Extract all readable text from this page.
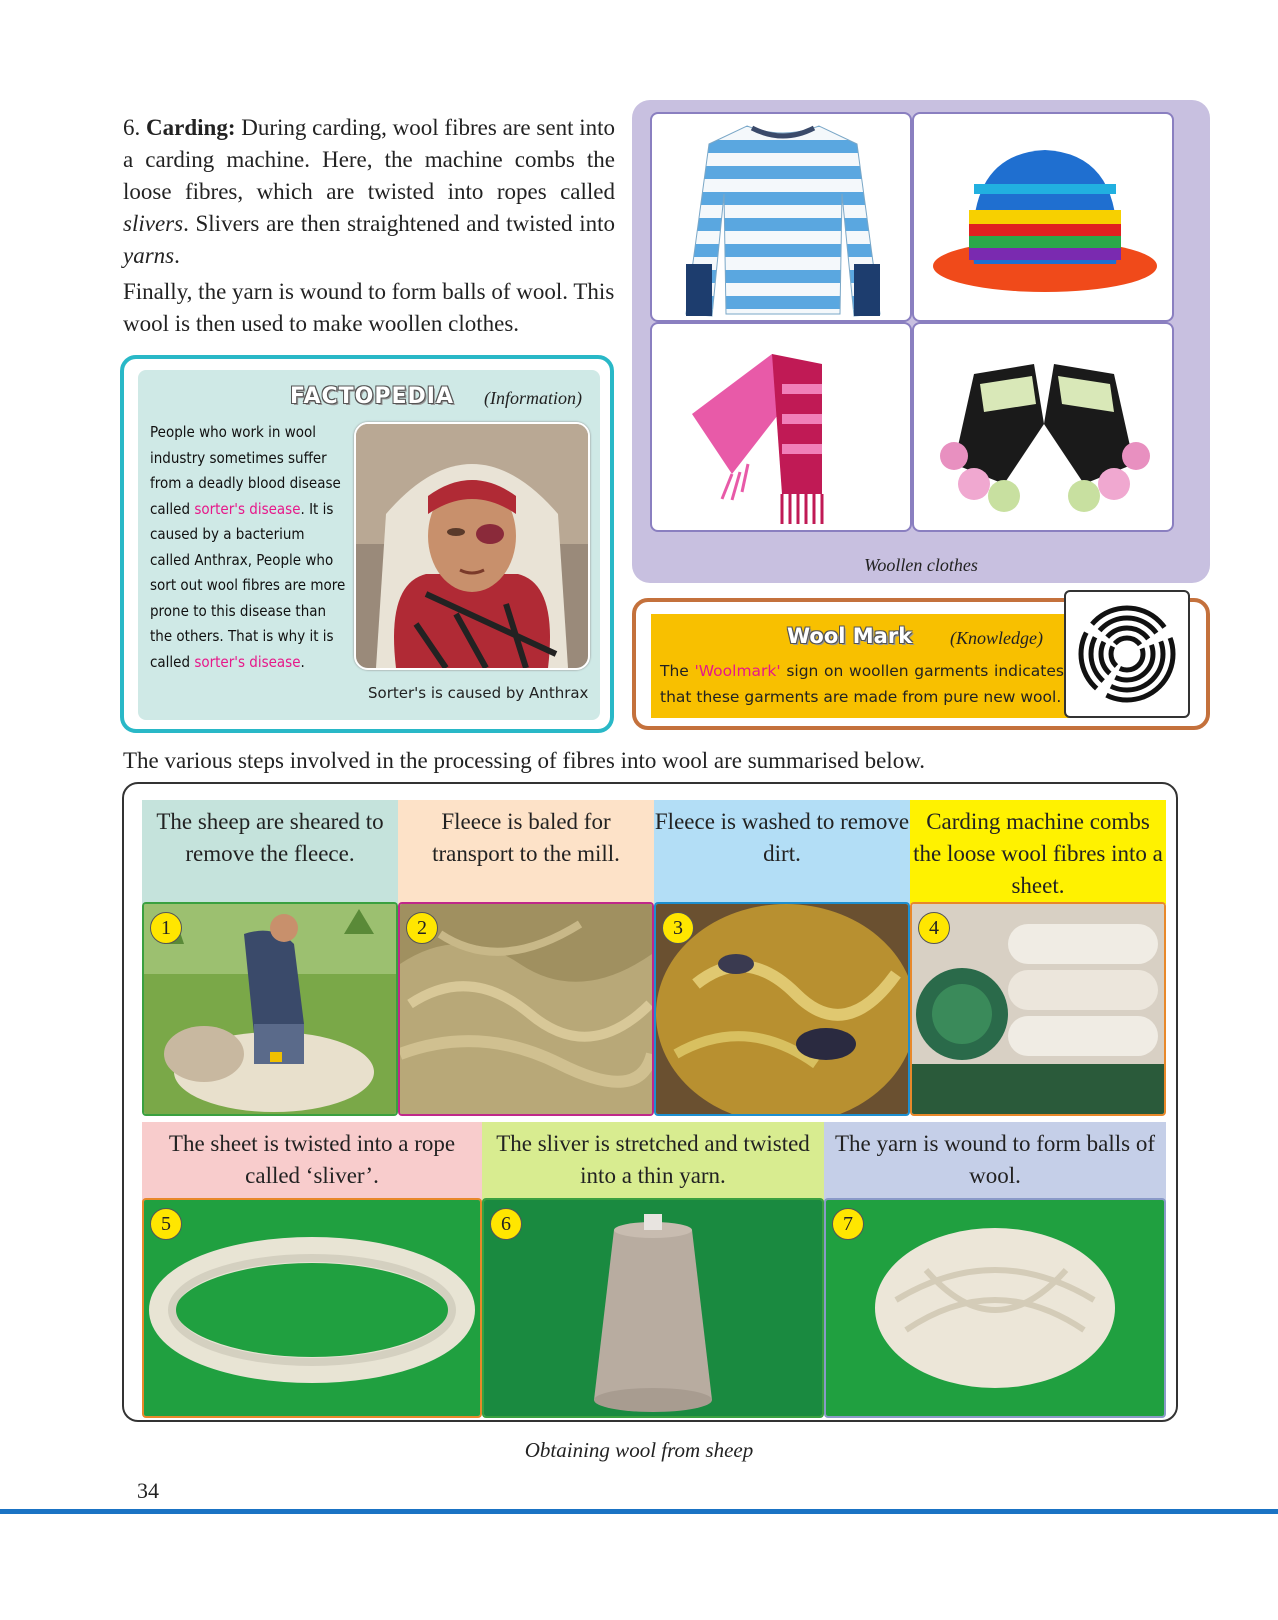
6. Carding: During carding, wool fibres are sent into a carding machine. Here, the machine combs the loose fibres, which are twisted into ropes called slivers. Slivers are then straightened and twisted into yarns.

Finally, the yarn is wound to form balls of wool. This wool is then used to make woollen clothes.

FACTOPEDIA (Information)
People who work in wool industry sometimes suffer from a deadly blood disease called sorter's disease. It is caused by a bacterium called Anthrax, People who sort out wool fibres are more prone to this disease than the others. That is why it is called sorter's disease.
Sorter's is caused by Anthrax
Woollen clothes
Wool Mark (Knowledge)
The 'Woolmark' sign on woollen garments indicates that these garments are made from pure new wool.
The various steps involved in the processing of fibres into wool are summarised below.
The sheep are sheared to remove the fleece.
Fleece is baled for transport to the mill.
Fleece is washed to remove dirt.
Carding machine combs the loose wool fibres into a sheet.
1	2	3	4
The sheet is twisted into a rope called ‘sliver’.
The sliver is stretched and twisted into a thin yarn.
The yarn is wound to form balls of wool.
5	6	7
Obtaining wool from sheep
34
